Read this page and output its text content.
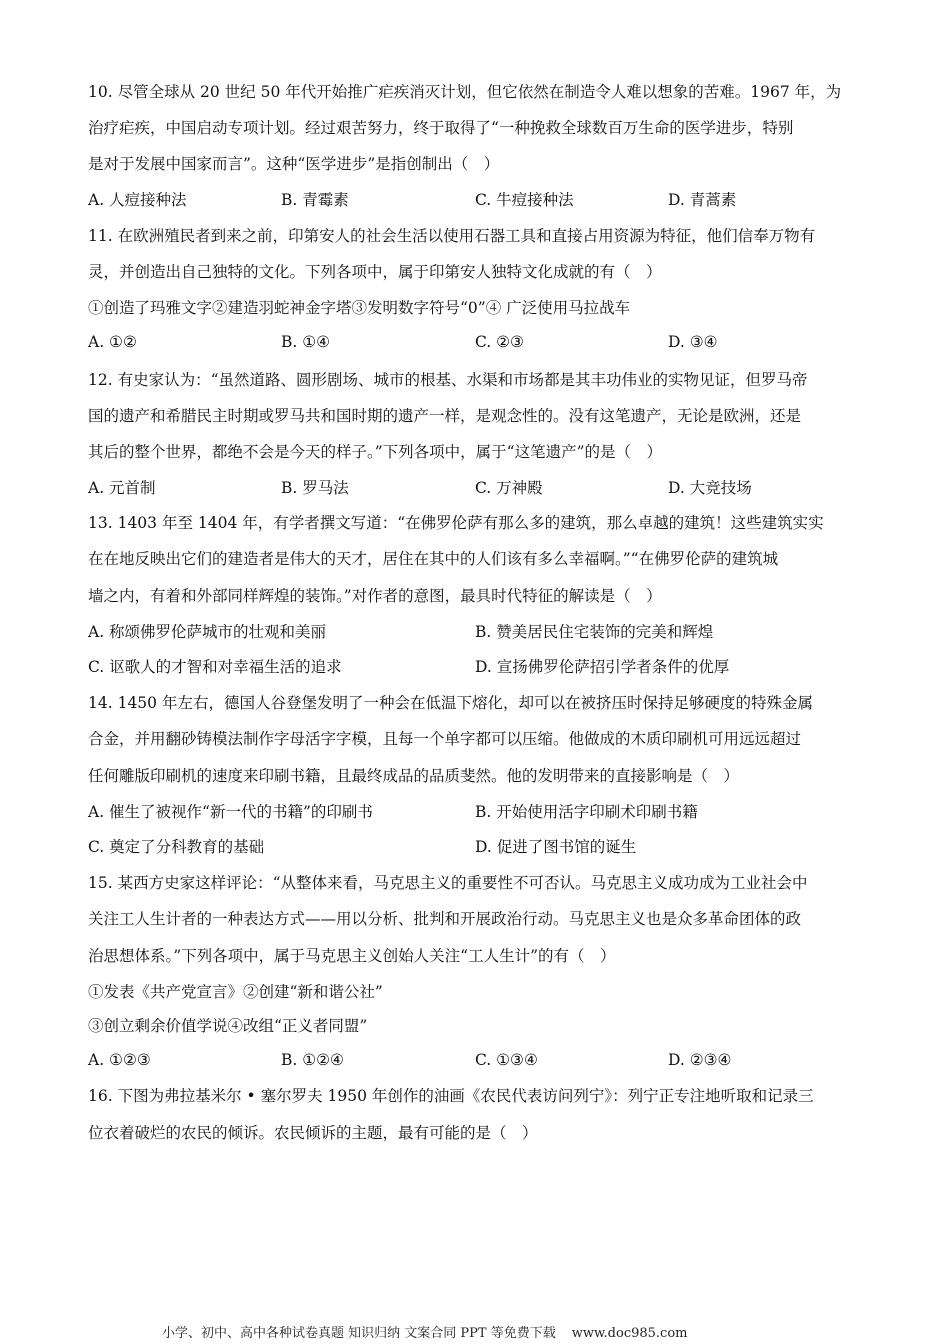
10. 尽管全球从 20 世纪 50 年代开始推广疟疾消灭计划，但它依然在制造令人难以想象的苦难。1967 年，为
治疗疟疾，中国启动专项计划。经过艰苦努力，终于取得了“一种挽救全球数百万生命的医学进步，特别
是对于发展中国家而言”。这种“医学进步”是指创制出（　）
A. 人痘接种法	B. 青霉素	C. 牛痘接种法	D. 青蒿素
11. 在欧洲殖民者到来之前，印第安人的社会生活以使用石器工具和直接占用资源为特征，他们信奉万物有
灵，并创造出自己独特的文化。下列各项中，属于印第安人独特文化成就的有（　）
①创造了玛雅文字②建造羽蛇神金字塔③发明数字符号“0”④ 广泛使用马拉战车
A. ①②	B. ①④	C. ②③	D. ③④
12. 有史家认为：“虽然道路、圆形剧场、城市的根基、水渠和市场都是其丰功伟业的实物见证，但罗马帝
国的遗产和希腊民主时期或罗马共和国时期的遗产一样，是观念性的。没有这笔遗产，无论是欧洲，还是
其后的整个世界，都绝不会是今天的样子。”下列各项中，属于“这笔遗产”的是（　）
A. 元首制	B. 罗马法	C. 万神殿	D. 大竞技场
13. 1403 年至 1404 年，有学者撰文写道：“在佛罗伦萨有那么多的建筑，那么卓越的建筑！这些建筑实实
在在地反映出它们的建造者是伟大的天才，居住在其中的人们该有多么幸福啊。”“在佛罗伦萨的建筑城
墙之内，有着和外部同样辉煌的装饰。”对作者的意图，最具时代特征的解读是（　）
A. 称颂佛罗伦萨城市的壮观和美丽	B. 赞美居民住宅装饰的完美和辉煌
C. 讴歌人的才智和对幸福生活的追求	D. 宣扬佛罗伦萨招引学者条件的优厚
14. 1450 年左右，德国人谷登堡发明了一种会在低温下熔化，却可以在被挤压时保持足够硬度的特殊金属
合金，并用翻砂铸模法制作字母活字字模，且每一个单字都可以压缩。他做成的木质印刷机可用远远超过
任何雕版印刷机的速度来印刷书籍，且最终成品的品质斐然。他的发明带来的直接影响是（　）
A. 催生了被视作“新一代的书籍”的印刷书	B. 开始使用活字印刷术印刷书籍
C. 奠定了分科教育的基础	D. 促进了图书馆的诞生
15. 某西方史家这样评论：“从整体来看，马克思主义的重要性不可否认。马克思主义成功成为工业社会中
关注工人生计者的一种表达方式——用以分析、批判和开展政治行动。马克思主义也是众多革命团体的政
治思想体系。”下列各项中，属于马克思主义创始人关注“工人生计”的有（　）
①发表《共产党宣言》②创建“新和谐公社”
③创立剩余价值学说④改组“正义者同盟”
A. ①②③	B. ①②④	C. ①③④	D. ②③④
16. 下图为弗拉基米尔 • 塞尔罗夫 1950 年创作的油画《农民代表访问列宁》：列宁正专注地听取和记录三
位衣着破烂的农民的倾诉。农民倾诉的主题，最有可能的是（　）
小学、初中、高中各种试卷真题 知识归纳 文案合同 PPT 等免费下载 www.doc985.com
